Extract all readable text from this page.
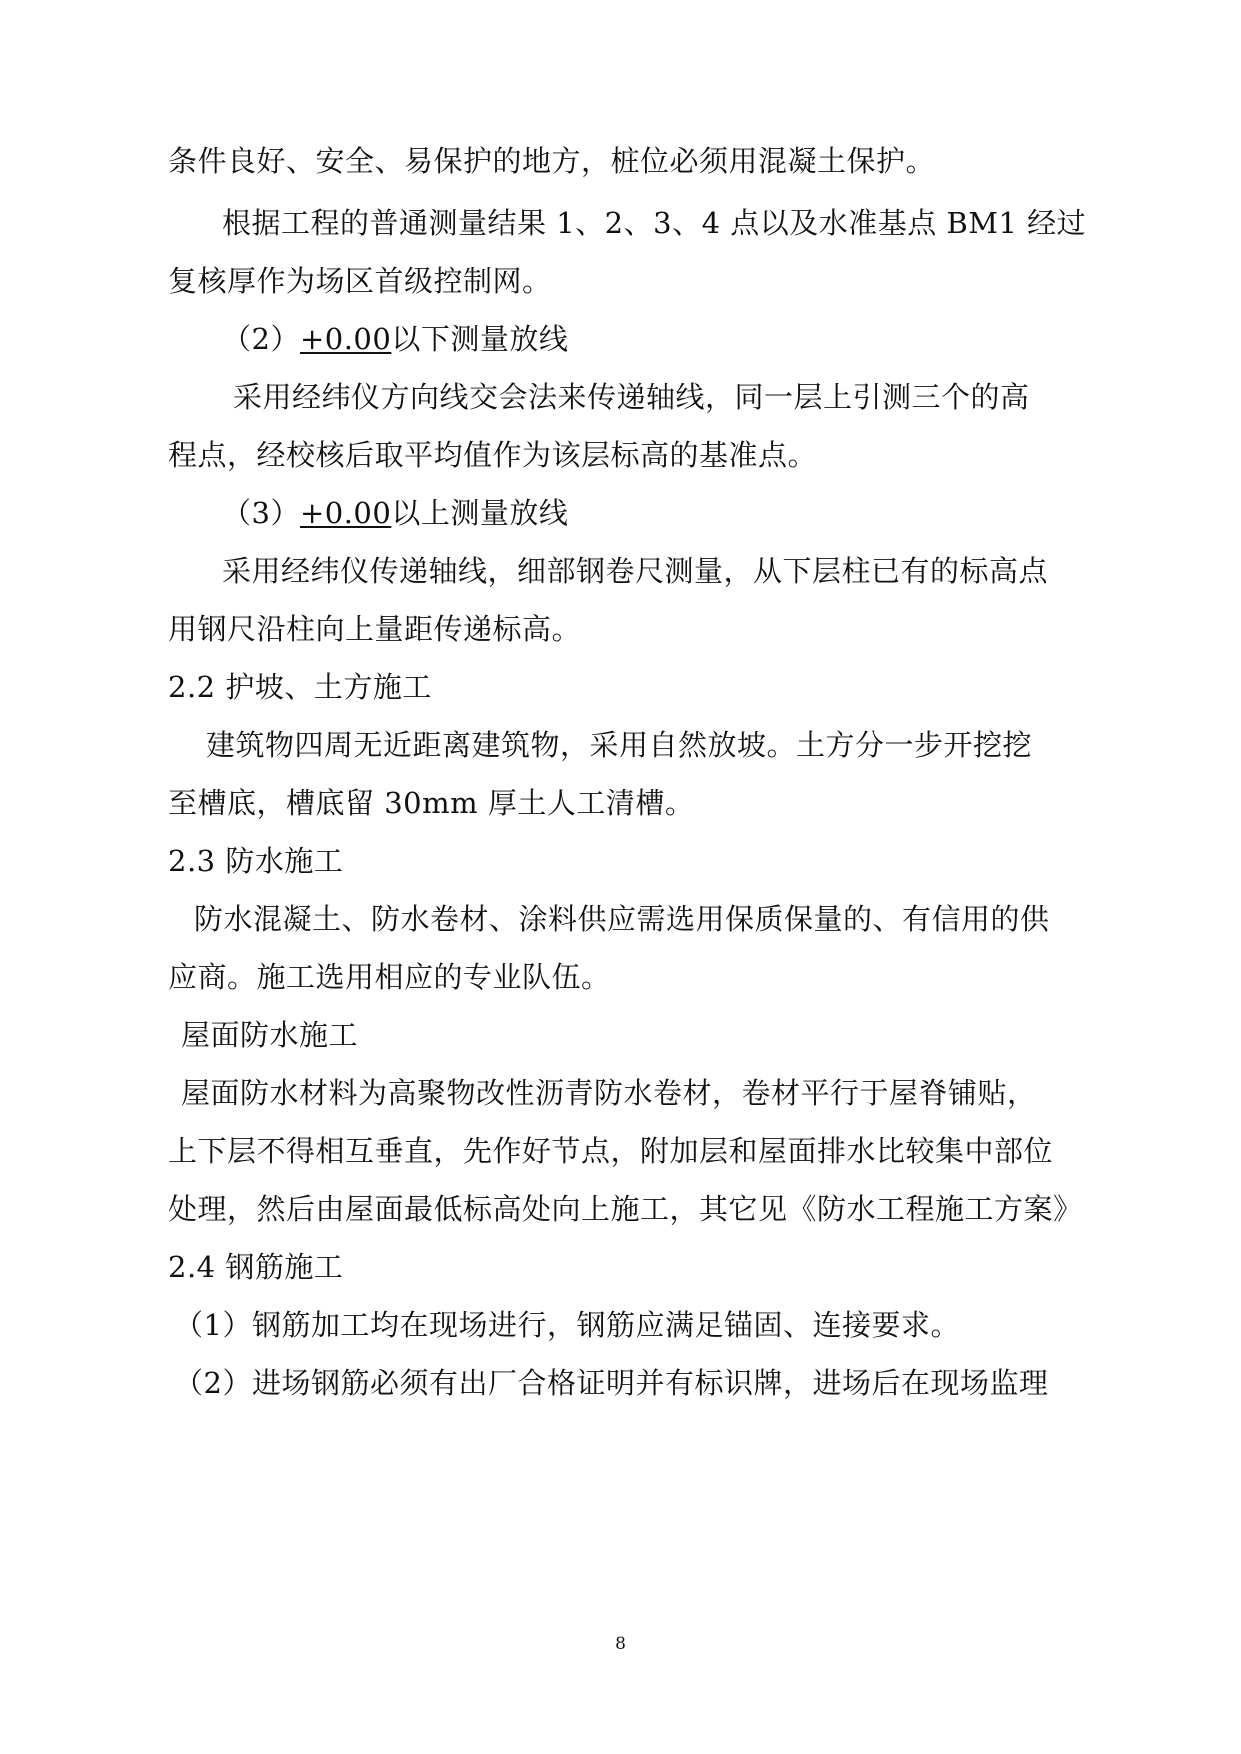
条件良好、安全、易保护的地方，桩位必须用混凝土保护。
根据工程的普通测量结果 1、2、3、4 点以及水准基点 BM1 经过
复核厚作为场区首级控制网。
（2）+0.00以下测量放线
采用经纬仪方向线交会法来传递轴线，同一层上引测三个的高
程点，经校核后取平均值作为该层标高的基准点。
（3）+0.00以上测量放线
采用经纬仪传递轴线，细部钢卷尺测量，从下层柱已有的标高点
用钢尺沿柱向上量距传递标高。
2.2 护坡、土方施工
建筑物四周无近距离建筑物，采用自然放坡。土方分一步开挖挖
至槽底，槽底留 30mm 厚土人工清槽。
2.3 防水施工
防水混凝土、防水卷材、涂料供应需选用保质保量的、有信用的供
应商。施工选用相应的专业队伍。
屋面防水施工
屋面防水材料为高聚物改性沥青防水卷材，卷材平行于屋脊铺贴，
上下层不得相互垂直，先作好节点，附加层和屋面排水比较集中部位
处理，然后由屋面最低标高处向上施工，其它见《防水工程施工方案》
2.4 钢筋施工
（1）钢筋加工均在现场进行，钢筋应满足锚固、连接要求。
（2）进场钢筋必须有出厂合格证明并有标识牌，进场后在现场监理
8
